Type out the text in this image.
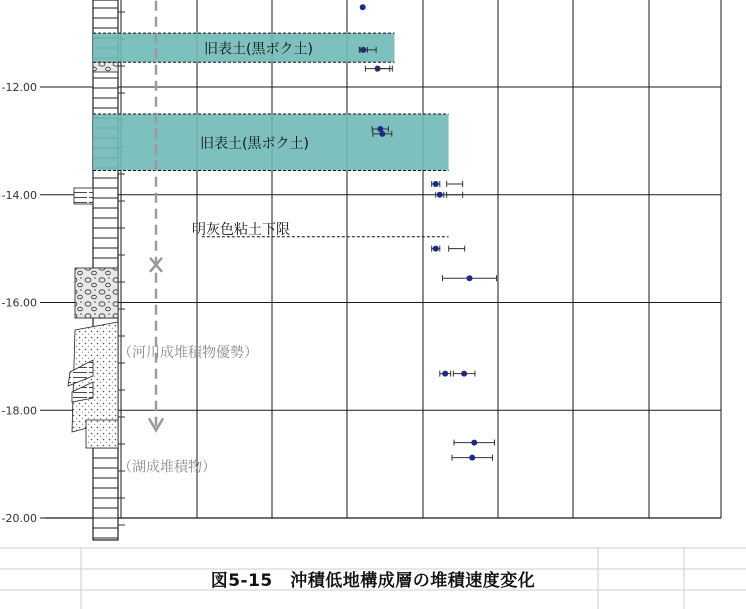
旧表土(黒ボク土)
旧表土(黒ボク土)
明灰色粘土下限
-12.00
-14.00
-16.00
-18.00
-20.00
（河川成堆積物優勢）
（湖成堆積物）
図5-15　沖積低地構成層の堆積速度変化
